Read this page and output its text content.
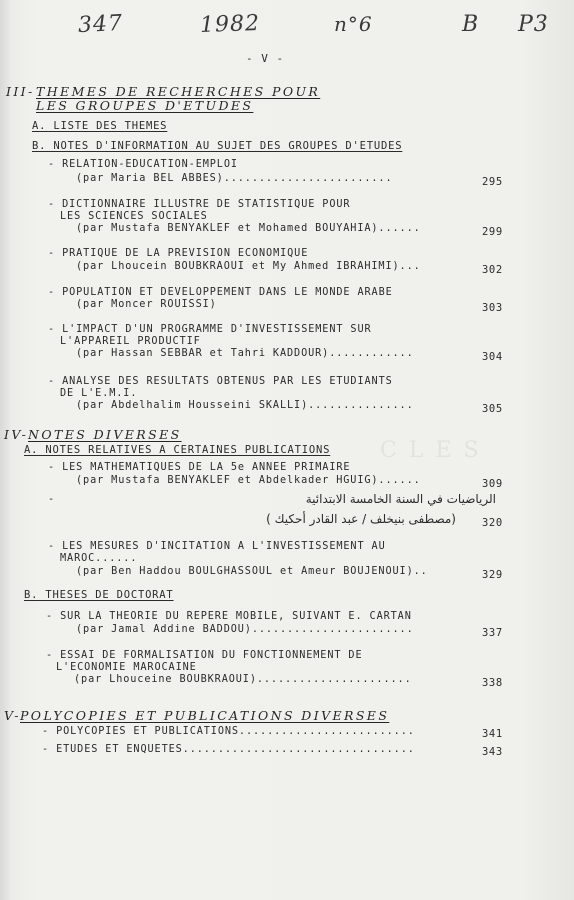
347	1982	n°6	B P3
- V -
III- THEMES DE RECHERCHES POUR
LES GROUPES D'ETUDES
A. LISTE DES THEMES
B. NOTES D'INFORMATION AU SUJET DES GROUPES D'ETUDES
- RELATION-EDUCATION-EMPLOI
(par Maria BEL ABBES)........................	295
- DICTIONNAIRE ILLUSTRE DE STATISTIQUE POUR
LES SCIENCES SOCIALES
(par Mustafa BENYAKLEF et Mohamed BOUYAHIA)......	299
- PRATIQUE DE LA PREVISION ECONOMIQUE
(par Lhoucein BOUBKRAOUI et My Ahmed IBRAHIMI)...	302
- POPULATION ET DEVELOPPEMENT DANS LE MONDE ARABE
(par Moncer ROUISSI)	303
- L'IMPACT D'UN PROGRAMME D'INVESTISSEMENT SUR
L'APPAREIL PRODUCTIF
(par Hassan SEBBAR et Tahri KADDOUR)............	304
- ANALYSE DES RESULTATS OBTENUS PAR LES ETUDIANTS
DE L'E.M.I.
(par Abdelhalim Housseini SKALLI)...............	305
CLES
IV- NOTES DIVERSES
A. NOTES RELATIVES A CERTAINES PUBLICATIONS
- LES MATHEMATIQUES DE LA 5e ANNEE PRIMAIRE
(par Mustafa BENYAKLEF et Abdelkader HGUIG)......	309
-	الرياضيات في السنة الخامسة الابتدائية
(مصطفى بنيخلف / عبد القادر أحكيك ) 320
- LES MESURES D'INCITATION A L'INVESTISSEMENT AU
MAROC......
(par Ben Haddou BOULGHASSOUL et Ameur BOUJENOUI)..	329
B. THESES DE DOCTORAT
- SUR LA THEORIE DU REPERE MOBILE, SUIVANT E. CARTAN
(par Jamal Addine BADDOU).......................	337
- ESSAI DE FORMALISATION DU FONCTIONNEMENT DE
L'ECONOMIE MAROCAINE
(par Lhouceine BOUBKRAOUI)......................	338
V- POLYCOPIES ET PUBLICATIONS DIVERSES
- POLYCOPIES ET PUBLICATIONS.........................	341
- ETUDES ET ENQUETES.................................	343
